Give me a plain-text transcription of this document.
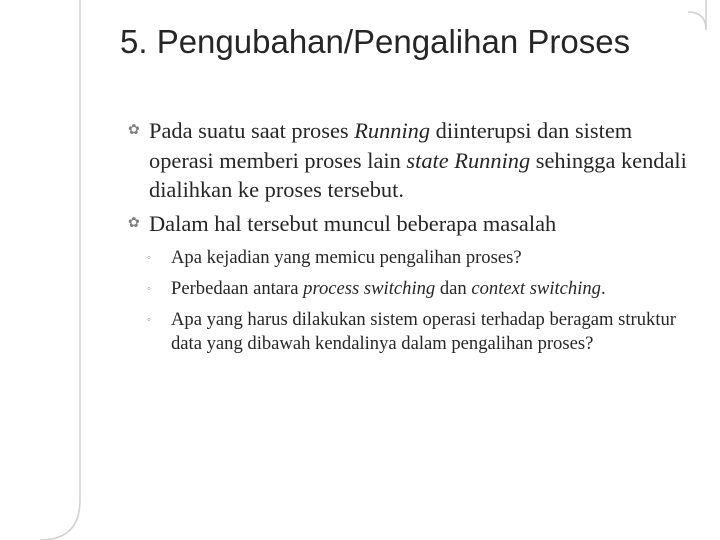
5. Pengubahan/Pengalihan Proses
✿ Pada suatu saat proses Running diinterupsi dan sistem operasi memberi proses lain state Running sehingga kendali dialihkan ke proses tersebut.
✿ Dalam hal tersebut muncul beberapa masalah
◦ Apa kejadian yang memicu pengalihan proses?
◦ Perbedaan antara process switching dan context switching.
◦ Apa yang harus dilakukan sistem operasi terhadap beragam struktur data yang dibawah kendalinya dalam pengalihan proses?
